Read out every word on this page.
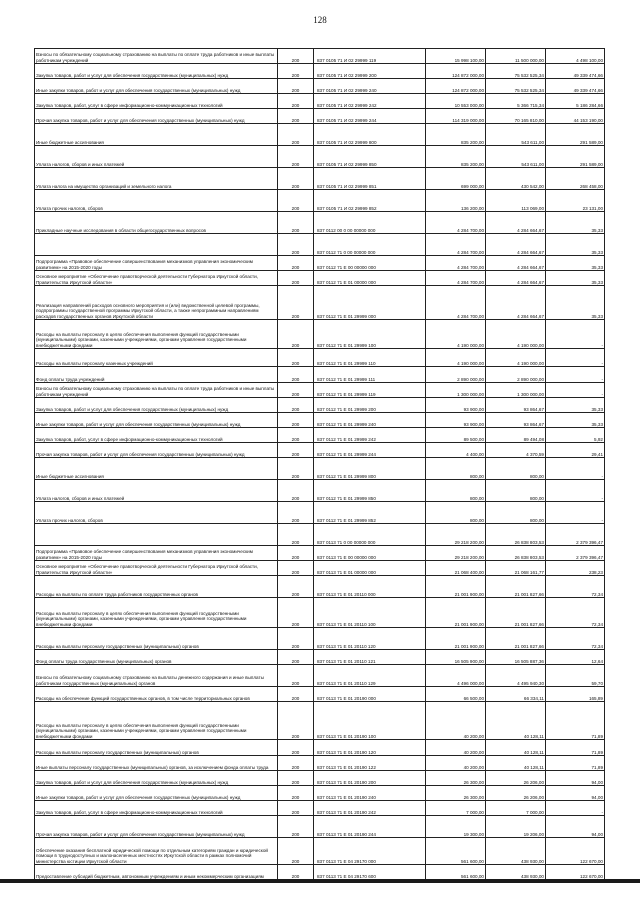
128
Взносы по обязательному социальному страхованию на выплаты по оплате труда работников и иные выплаты работникам учреждений	200	837 0105 71 И 02 29999 119	15 998 100,00	11 500 000,00	4 498 100,00
Закупка товаров, работ и услуг для обеспечения государственных (муниципальных) нужд	200	837 0105 71 И 02 29999 200	124 872 000,00	75 532 525,34	49 339 474,66
Иные закупки товаров, работ и услуг для обеспечения государственных (муниципальных) нужд	200	837 0105 71 И 02 29999 240	124 872 000,00	75 532 525,34	49 339 474,66
Закупка товаров, работ, услуг в сфере информационно-коммуникационных технологий	200	837 0105 71 И 02 29999 242	10 553 000,00	5 366 715,34	5 186 284,66
Прочая закупка товаров, работ и услуг для обеспечения государственных (муниципальных) нужд	200	837 0105 71 И 02 29999 244	114 319 000,00	70 165 810,00	44 153 190,00
Иные бюджетные ассигнования	200	837 0105 71 И 02 29999 800	835 200,00	543 611,00	291 589,00
Уплата налогов, сборов и иных платежей	200	837 0105 71 И 02 29999 850	835 200,00	543 611,00	291 589,00
Уплата налога на имущество организаций и земельного налога	200	837 0105 71 И 02 29999 851	699 000,00	430 542,00	268 458,00
Уплата прочих налогов, сборов	200	837 0105 71 И 02 29999 852	136 200,00	113 069,00	23 131,00
Прикладные научные исследования в области общегосударственных вопросов	200	837 0112 00 0 00 00000 000	4 284 700,00	4 284 664,67	35,33
	200	837 0112 71 0 00 00000 000	4 284 700,00	4 284 664,67	35,33
Подпрограмма «Правовое обеспечение совершенствования механизмов управления экономическим развитием» на 2015-2020 годы	200	837 0112 71 Е 00 00000 000	4 284 700,00	4 284 664,67	35,33
Основное мероприятие «Обеспечение правотворческой деятельности Губернатора Иркутской области, Правительства Иркутской области»	200	837 0112 71 Е 01 00000 000	4 284 700,00	4 284 664,67	35,33
Реализация направлений расходов основного мероприятия и (или) ведомственной целевой программы, подпрограммы государственной программы Иркутской области, а также непрограммным направлениям расходов государственных органов Иркутской области	200	837 0112 71 Е 01 29999 000	4 284 700,00	4 284 664,67	35,33
Расходы на выплаты персоналу в целях обеспечения выполнения функций государственными (муниципальными) органами, казенными учреждениями, органами управления государственными внебюджетными фондами	200	837 0112 71 Е 01 29999 100	4 190 000,00	4 190 000,00	-
Расходы на выплаты персоналу казенных учреждений	200	837 0112 71 Е 01 29999 110	4 190 000,00	4 190 000,00	-
Фонд оплаты труда учреждений	200	837 0112 71 Е 01 29999 111	2 890 000,00	2 890 000,00	-
Взносы по обязательному социальному страхованию на выплаты по оплате труда работников и иные выплаты работникам учреждений	200	837 0112 71 Е 01 29999 119	1 300 000,00	1 300 000,00	-
Закупка товаров, работ и услуг для обеспечения государственных (муниципальных) нужд	200	837 0112 71 Е 01 29999 200	93 900,00	93 864,67	35,33
Иные закупки товаров, работ и услуг для обеспечения государственных (муниципальных) нужд	200	837 0112 71 Е 01 29999 240	93 900,00	93 864,67	35,33
Закупка товаров, работ, услуг в сфере информационно-коммуникационных технологий	200	837 0112 71 Е 01 29999 242	89 500,00	89 494,08	5,92
Прочая закупка товаров, работ и услуг для обеспечения государственных (муниципальных) нужд	200	837 0112 71 Е 01 29999 244	4 400,00	4 370,59	29,41
Иные бюджетные ассигнования	200	837 0112 71 Е 01 29999 800	800,00	800,00	-
Уплата налогов, сборов и иных платежей	200	837 0112 71 Е 01 29999 850	800,00	800,00	-
Уплата прочих налогов, сборов	200	837 0112 71 Е 01 29999 852	800,00	800,00	-
	200	837 0113 71 0 00 00000 000	29 218 200,00	26 838 803,53	2 379 396,47
Подпрограмма «Правовое обеспечение совершенствования механизмов управления экономическим развитием» на 2015-2020 годы	200	837 0113 71 Е 00 00000 000	29 218 200,00	26 838 803,53	2 379 396,47
Основное мероприятие «Обеспечение правотворческой деятельности Губернатора Иркутской области, Правительства Иркутской области»	200	837 0113 71 Е 01 00000 000	21 068 400,00	21 068 161,77	238,23
Расходы на выплаты по оплате труда работников государственных органов	200	837 0113 71 Е 01 20110 000	21 001 900,00	21 001 827,66	72,34
Расходы на выплаты персоналу в целях обеспечения выполнения функций государственными (муниципальными) органами, казенными учреждениями, органами управления государственными внебюджетными фондами	200	837 0113 71 Е 01 20110 100	21 001 900,00	21 001 827,66	72,34
Расходы на выплаты персоналу государственных (муниципальных) органов	200	837 0113 71 Е 01 20110 120	21 001 900,00	21 001 827,66	72,34
Фонд оплаты труда государственных (муниципальных) органов	200	837 0113 71 Е 01 20110 121	16 505 900,00	16 505 887,36	12,64
Взносы по обязательному социальному страхованию на выплаты денежного содержания и иные выплаты работникам государственных (муниципальных) органов	200	837 0113 71 Е 01 20110 129	4 496 000,00	4 495 940,30	59,70
Расходы на обеспечение функций государственных органов, в том числе территориальных органов	200	837 0113 71 Е 01 20190 000	66 500,00	66 334,11	165,89
Расходы на выплаты персоналу в целях обеспечения выполнения функций государственными (муниципальными) органами, казенными учреждениями, органами управления государственными внебюджетными фондами	200	837 0113 71 Е 01 20190 100	40 200,00	40 128,11	71,89
Расходы на выплаты персоналу государственных (муниципальных) органов	200	837 0113 71 Е 01 20190 120	40 200,00	40 128,11	71,89
Иные выплаты персоналу государственных (муниципальных) органов, за исключением фонда оплаты труда	200	837 0113 71 Е 01 20190 122	40 200,00	40 128,11	71,89
Закупка товаров, работ и услуг для обеспечения государственных (муниципальных) нужд	200	837 0113 71 Е 01 20190 200	26 300,00	26 206,00	94,00
Иные закупки товаров, работ и услуг для обеспечения государственных (муниципальных) нужд	200	837 0113 71 Е 01 20190 240	26 300,00	26 206,00	94,00
Закупка товаров, работ, услуг в сфере информационно-коммуникационных технологий	200	837 0113 71 Е 01 20190 242	7 000,00	7 000,00	-
Прочая закупка товаров, работ и услуг для обеспечения государственных (муниципальных) нужд	200	837 0113 71 Е 01 20190 244	19 300,00	19 206,00	94,00
Обеспечение оказания бесплатной юридической помощи по отдельным категориям граждан и юридической помощи в труднодоступных и малонаселенных местностях Иркутской области в рамках полномочий министерства юстиции Иркутской области	200	837 0113 71 Е 04 29170 000	561 600,00	438 930,00	122 670,00
Предоставление субсидий бюджетным, автономным учреждениям и иным некоммерческим организациям	200	837 0113 71 Е 04 29170 600	561 600,00	438 930,00	122 670,00
